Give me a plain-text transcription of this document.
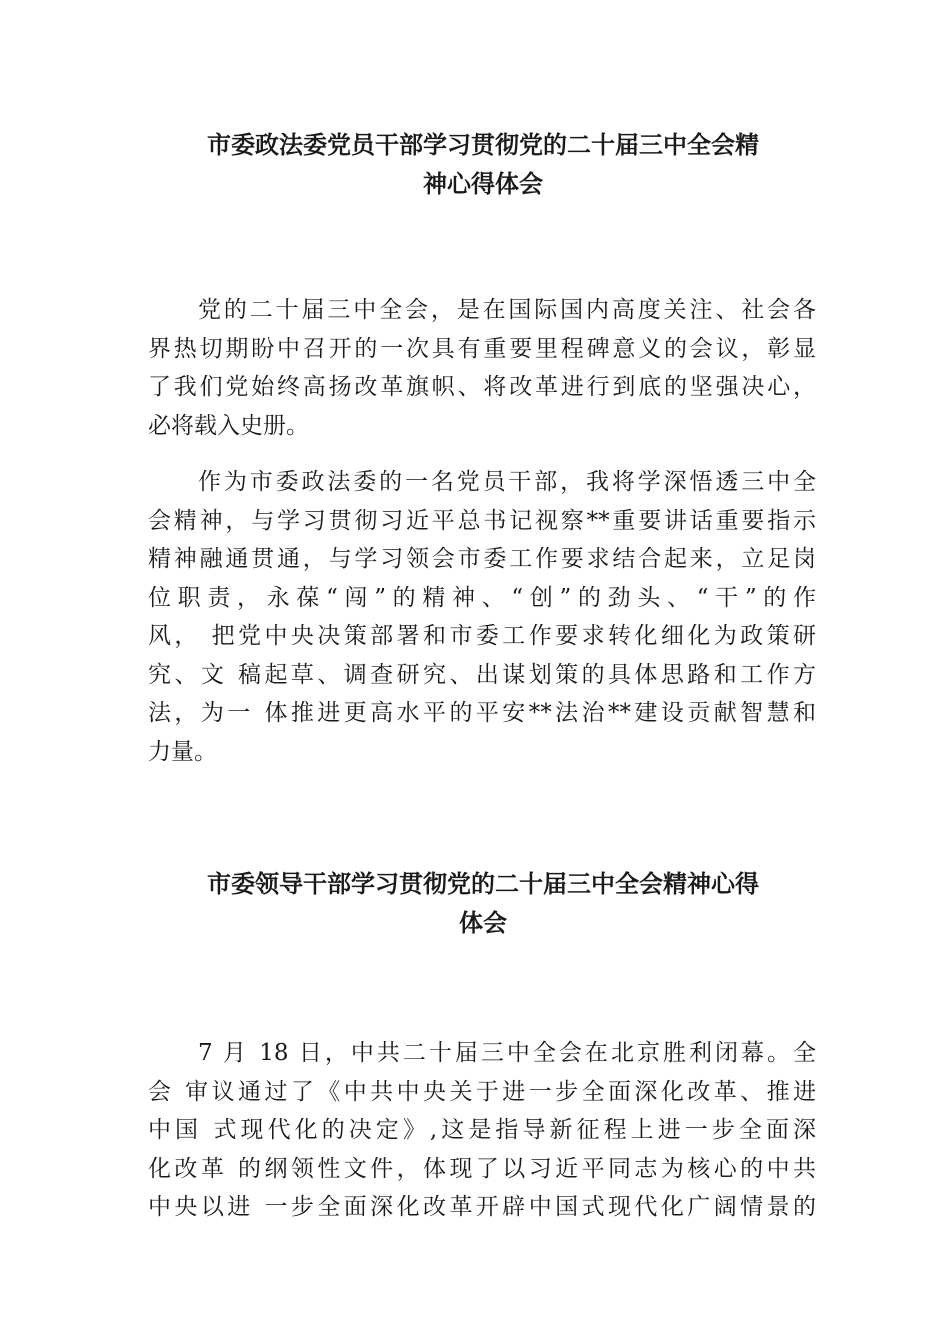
市委政法委党员干部学习贯彻党的二十届三中全会精
神心得体会

党的二十届三中全会，是在国际国内高度关注、社会各
界热切期盼中召开的一次具有重要里程碑意义的会议，彰显
了我们党始终高扬改革旗帜、将改革进行到底的坚强决心，
必将载入史册。

作为市委政法委的一名党员干部，我将学深悟透三中全
会精神，与学习贯彻习近平总书记视察**重要讲话重要指示
精神融通贯通，与学习领会市委工作要求结合起来，立足岗
位职责，永葆“闯”的精神、“创”的劲头、“干”的作
风， 把党中央决策部署和市委工作要求转化细化为政策研
究、文 稿起草、调查研究、出谋划策的具体思路和工作方
法，为一 体推进更高水平的平安**法治**建设贡献智慧和
力量。

市委领导干部学习贯彻党的二十届三中全会精神心得
体会

7 月 18 日，中共二十届三中全会在北京胜利闭幕。全
会 审议通过了《中共中央关于进一步全面深化改革、推进
中国 式现代化的决定》,这是指导新征程上进一步全面深
化改革 的纲领性文件，体现了以习近平同志为核心的中共
中央以进 一步全面深化改革开辟中国式现代化广阔情景的
